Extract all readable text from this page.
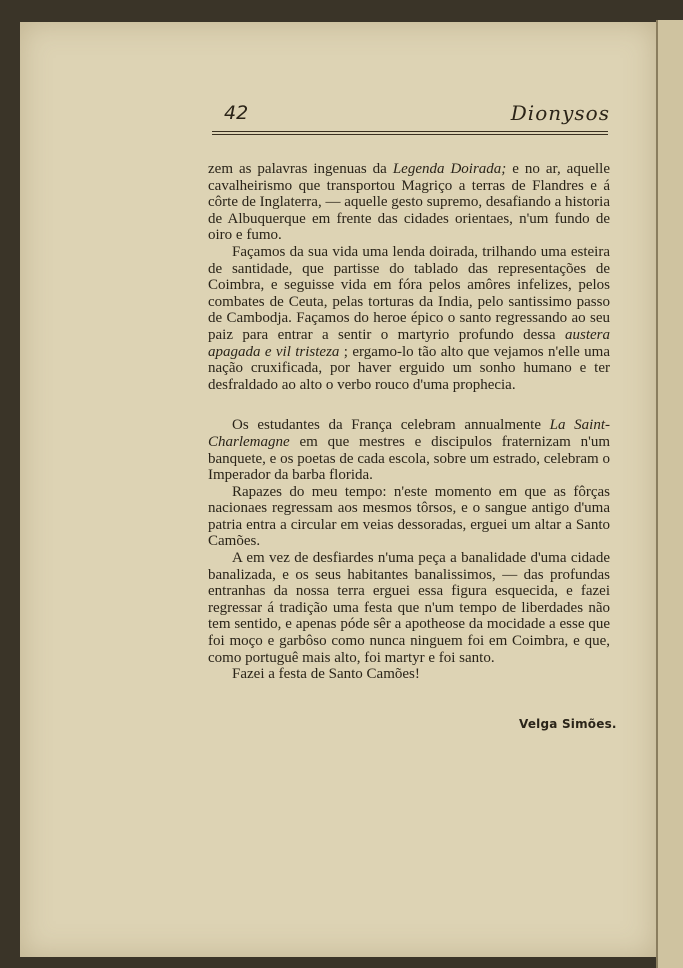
42	Dionysos

zem as palavras ingenuas da Legenda Doirada; e no ar, aquelle cavalheirismo que transportou Magriço a terras de Flandres e á côrte de Inglaterra, — aquelle gesto supremo, desafiando a historia de Albuquerque em frente das cidades orientaes, n'um fundo de oiro e fumo.

Façamos da sua vida uma lenda doirada, trilhando uma esteira de santidade, que partisse do tablado das representações de Coimbra, e seguisse vida em fóra pelos amôres infelizes, pelos combates de Ceuta, pelas torturas da India, pelo santissimo passo de Cambodja. Façamos do heroe épico o santo regressando ao seu paiz para entrar a sentir o martyrio profundo dessa austera apagada e vil tristeza ; ergamo-lo tão alto que vejamos n'elle uma nação cruxificada, por haver erguido um sonho humano e ter desfraldado ao alto o verbo rouco d'uma prophecia.

Os estudantes da França celebram annualmente La Saint-Charlemagne em que mestres e discipulos fraternizam n'um banquete, e os poetas de cada escola, sobre um estrado, celebram o Imperador da barba florida.

Rapazes do meu tempo: n'este momento em que as fôrças nacionaes regressam aos mesmos tôrsos, e o sangue antigo d'uma patria entra a circular em veias dessoradas, erguei um altar a Santo Camões.

A em vez de desfiardes n'uma peça a banalidade d'uma cidade banalizada, e os seus habitantes banalissimos, — das profundas entranhas da nossa terra erguei essa figura esquecida, e fazei regressar á tradição uma festa que n'um tempo de liberdades não tem sentido, e apenas póde sêr a apotheose da mocidade a esse que foi moço e garbôso como nunca ninguem foi em Coimbra, e que, como portuguê mais alto, foi martyr e foi santo.

Fazei a festa de Santo Camões!

Velga Simões.
